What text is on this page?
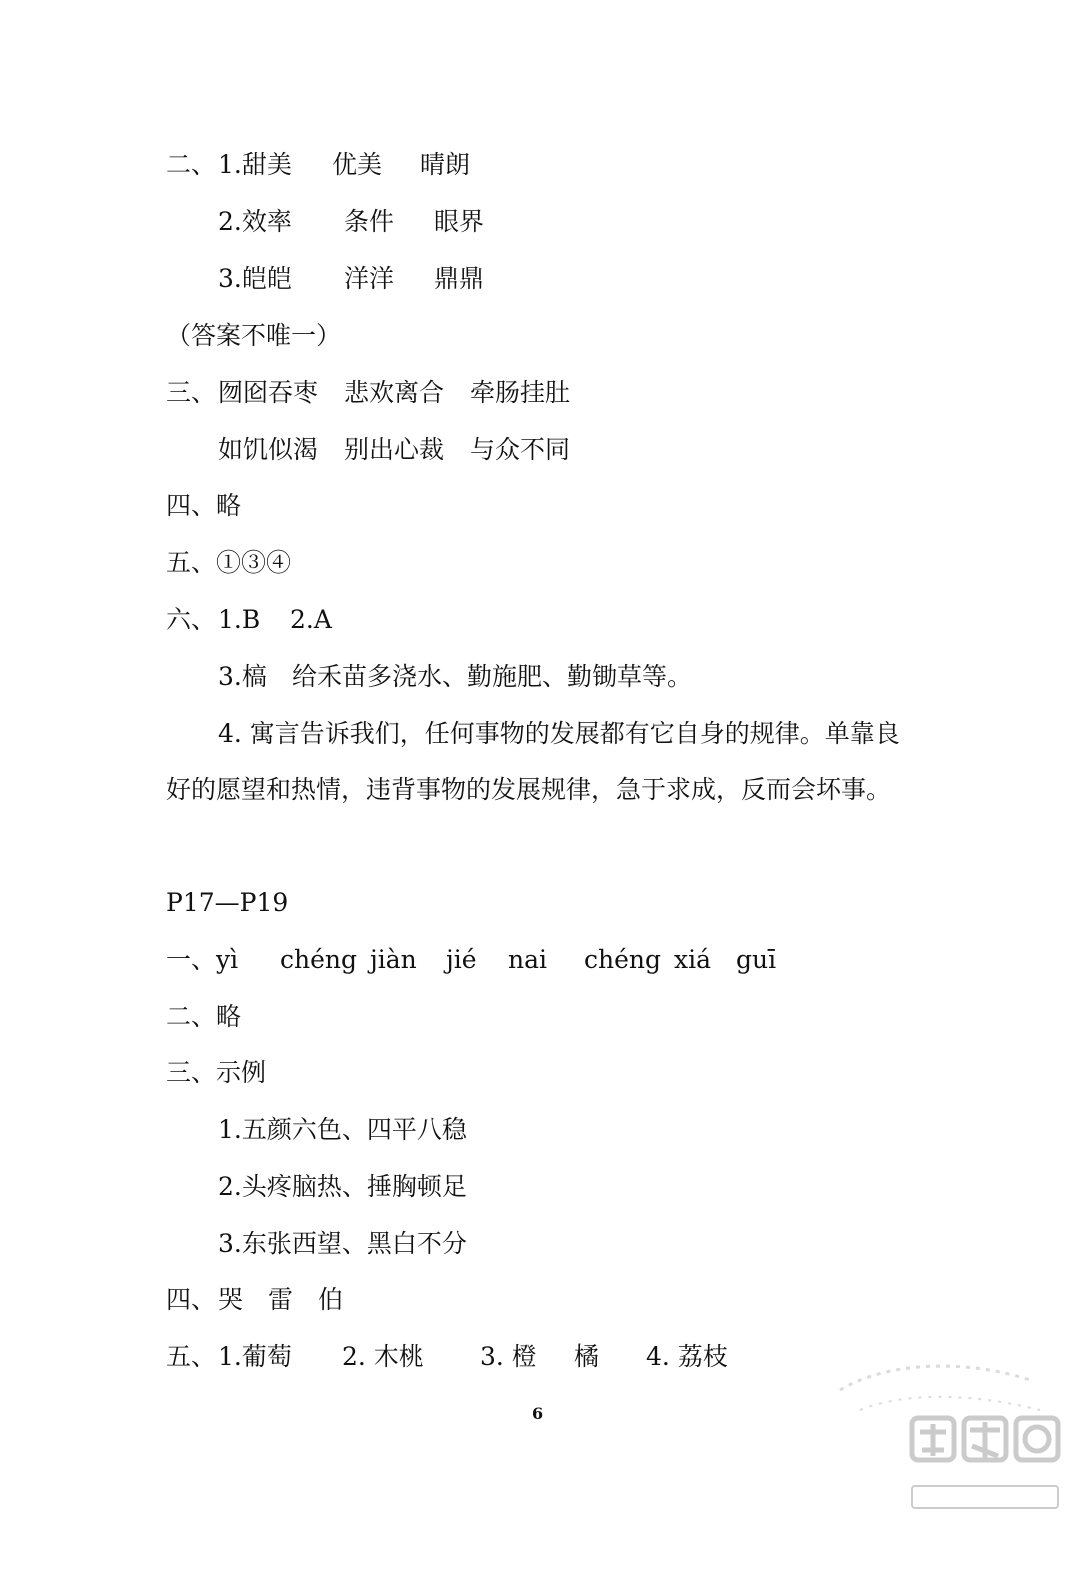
二、

1.甜美

优美

晴朗

2.效率

条件

眼界

3.皑皑

洋洋

鼎鼎

（答案不唯一）

三、

囫囵吞枣

悲欢离合

牵肠挂肚

如饥似渴

别出心裁

与众不同

四、略
五、①③④

六、

1.B

2.A

3.槁

给禾苗多浇水、勤施肥、勤锄草等。

4. 寓言告诉我们，任何事物的发展都有它自身的规律。单靠良
好的愿望和热情，违背事物的发展规律，急于求成，反而会坏事。
P17—P19

一、

yì

chéng

jiàn

jié

nai

chéng

xiá

guī

二、略
三、示例
1.五颜六色、四平八稳
2.头疼脑热、捶胸顿足
3.东张西望、黑白不分

四、

哭

雷

伯

五、

1.葡萄

2. 木桃

3. 橙

橘

4. 荔枝

6
